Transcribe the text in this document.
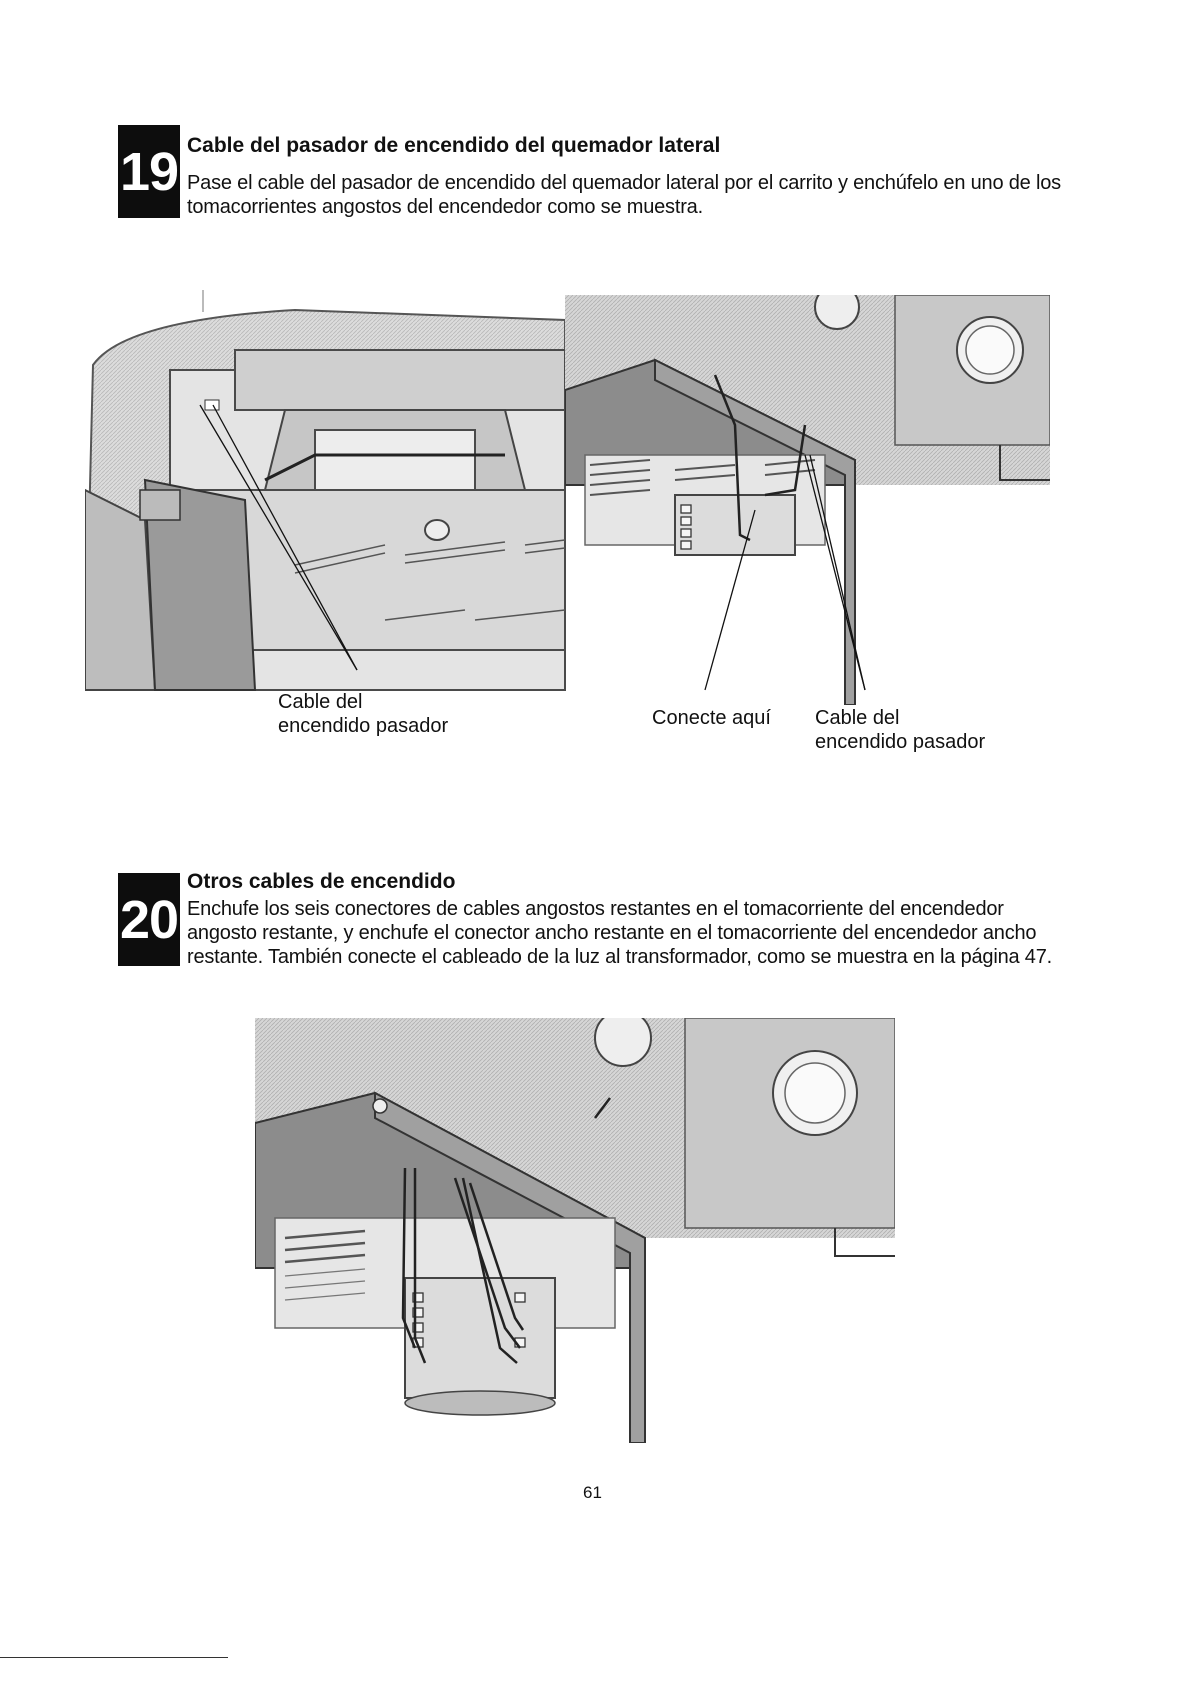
19 Cable del pasador de encendido del quemador lateral

Pase el cable del pasador de encendido del quemador lateral por el carrito y enchúfelo en uno de los

tomacorrientes angostos del encendedor como se muestra.

Cable del
encendido pasador	Conecte aquí Cable del
encendido pasador
20
Otros cables de encendido

Enchufe los seis conectores de cables angostos restantes en el tomacorriente del encendedor

angosto restante, y enchufe el conector ancho restante en el tomacorriente del encendedor ancho

restante. También conecte el cableado de la luz al transformador, como se muestra en la página 47.

61
